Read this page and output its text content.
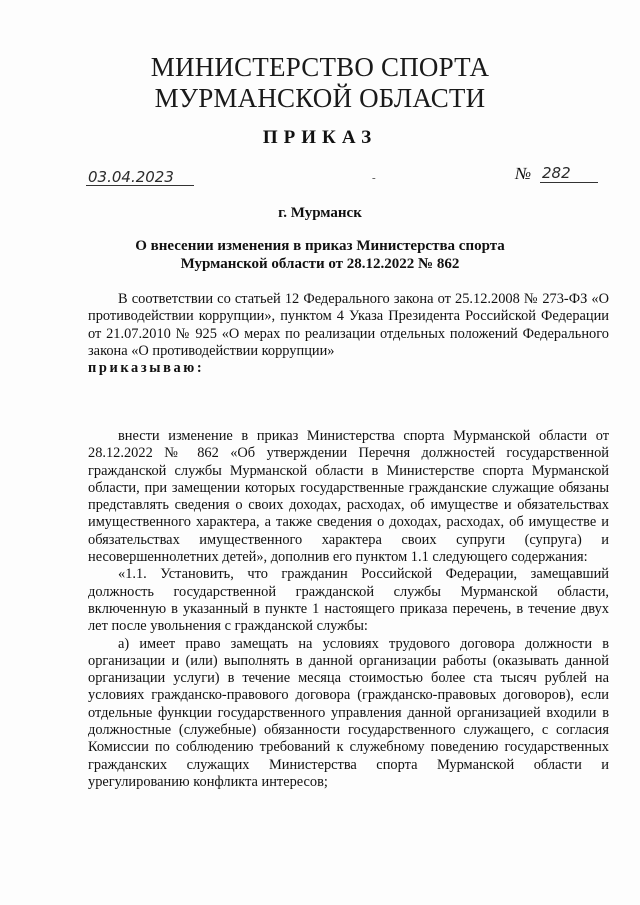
МИНИСТЕРСТВО СПОРТА
МУРМАНСКОЙ ОБЛАСТИ
ПРИКАЗ
03.04.2023	-	№ 282
г. Мурманск
О внесении изменения в приказ Министерства спорта
Мурманской области от 28.12.2022 № 862

В соответствии со статьей 12 Федерального закона от 25.12.2008 № 273-ФЗ «О противодействии коррупции», пунктом 4 Указа Президента Российской Федерации от 21.07.2010 № 925 «О мерах по реализации отдельных положений Федерального закона «О противодействии коррупции»

приказываю:

внести изменение в приказ Министерства спорта Мурманской области от 28.12.2022 № 862 «Об утверждении Перечня должностей государственной гражданской службы Мурманской области в Министерстве спорта Мурманской области, при замещении которых государственные гражданские служащие обязаны представлять сведения о своих доходах, расходах, об имуществе и обязательствах имущественного характера, а также сведения о доходах, расходах, об имуществе и обязательствах имущественного характера своих супруги (супруга) и несовершеннолетних детей», дополнив его пунктом 1.1 следующего содержания:

«1.1. Установить, что гражданин Российской Федерации, замещавший должность государственной гражданской службы Мурманской области, включенную в указанный в пункте 1 настоящего приказа перечень, в течение двух лет после увольнения с гражданской службы:

а) имеет право замещать на условиях трудового договора должности в организации и (или) выполнять в данной организации работы (оказывать данной организации услуги) в течение месяца стоимостью более ста тысяч рублей на условиях гражданско-правового договора (гражданско-правовых договоров), если отдельные функции государственного управления данной организацией входили в должностные (служебные) обязанности государственного служащего, с согласия Комиссии по соблюдению требований к служебному поведению государственных гражданских служащих Министерства спорта Мурманской области и урегулированию конфликта интересов;
